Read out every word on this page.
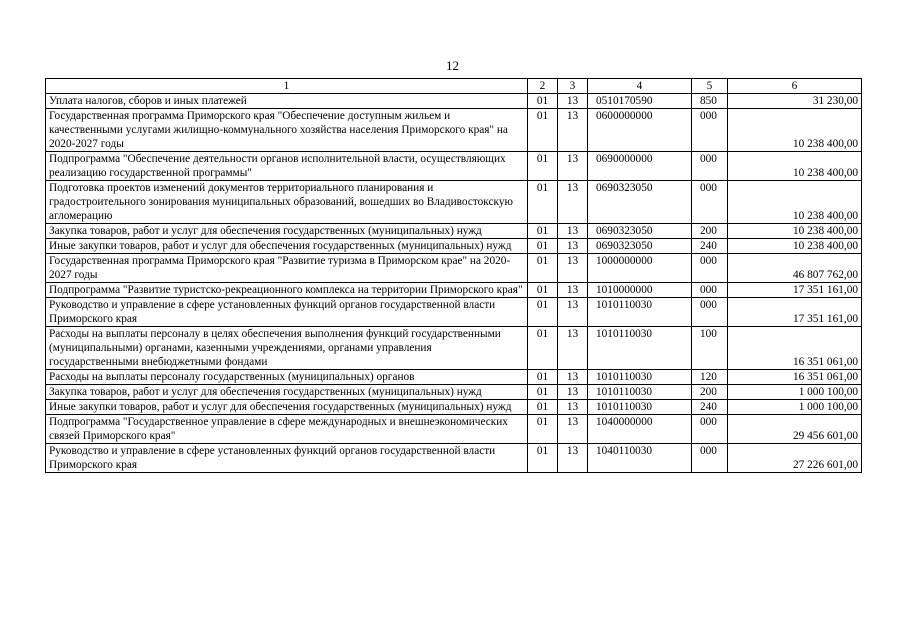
12
1	2	3	4	5	6
Уплата налогов, сборов и иных платежей	01	13	0510170590	850	31 230,00
Государственная программа Приморского края "Обеспечение доступным жильем и качественными услугами жилищно-коммунального хозяйства населения Приморского края" на 2020-2027 годы	01	13	0600000000	000	10 238 400,00
Подпрограмма "Обеспечение деятельности органов исполнительной власти, осуществляющих реализацию государственной программы"	01	13	0690000000	000	10 238 400,00
Подготовка проектов изменений документов территориального планирования и градостроительного зонирования муниципальных образований, вошедших во Владивостокскую агломерацию	01	13	0690323050	000	10 238 400,00
Закупка товаров, работ и услуг для обеспечения государственных (муниципальных) нужд	01	13	0690323050	200	10 238 400,00
Иные закупки товаров, работ и услуг для обеспечения государственных (муниципальных) нужд	01	13	0690323050	240	10 238 400,00
Государственная программа Приморского края "Развитие туризма в Приморском крае" на 2020-2027 годы	01	13	1000000000	000	46 807 762,00
Подпрограмма "Развитие туристско-рекреационного комплекса на территории Приморского края"	01	13	1010000000	000	17 351 161,00
Руководство и управление в сфере установленных функций органов государственной власти Приморского края	01	13	1010110030	000	17 351 161,00
Расходы на выплаты персоналу в целях обеспечения выполнения функций государственными (муниципальными) органами, казенными учреждениями, органами управления государственными внебюджетными фондами	01	13	1010110030	100	16 351 061,00
Расходы на выплаты персоналу государственных (муниципальных) органов	01	13	1010110030	120	16 351 061,00
Закупка товаров, работ и услуг для обеспечения государственных (муниципальных) нужд	01	13	1010110030	200	1 000 100,00
Иные закупки товаров, работ и услуг для обеспечения государственных (муниципальных) нужд	01	13	1010110030	240	1 000 100,00
Подпрограмма "Государственное управление в сфере международных и внешнеэкономических связей Приморского края"	01	13	1040000000	000	29 456 601,00
Руководство и управление в сфере установленных функций органов государственной власти Приморского края	01	13	1040110030	000	27 226 601,00
